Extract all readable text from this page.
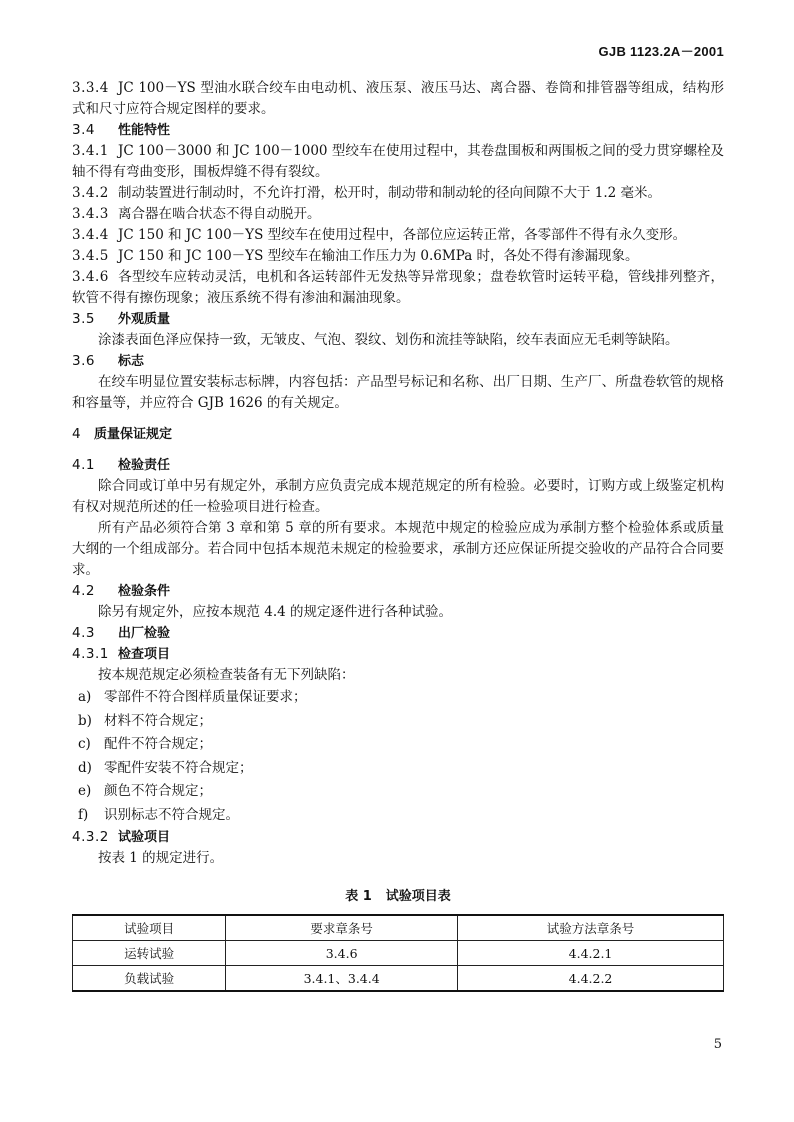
GJB 1123.2A－2001

3.3.4 JC 100－YS 型油水联合绞车由电动机、液压泵、液压马达、离合器、卷筒和排管器等组成，结构形式和尺寸应符合规定图样的要求。

3.4 性能特性

3.4.1 JC 100－3000 和 JC 100－1000 型绞车在使用过程中，其卷盘围板和两围板之间的受力贯穿螺栓及轴不得有弯曲变形，围板焊缝不得有裂纹。

3.4.2 制动装置进行制动时，不允许打滑，松开时，制动带和制动轮的径向间隙不大于 1.2 毫米。

3.4.3 离合器在啮合状态不得自动脱开。

3.4.4 JC 150 和 JC 100－YS 型绞车在使用过程中，各部位应运转正常，各零部件不得有永久变形。

3.4.5 JC 150 和 JC 100－YS 型绞车在输油工作压力为 0.6MPa 时，各处不得有渗漏现象。

3.4.6 各型绞车应转动灵活，电机和各运转部件无发热等异常现象；盘卷软管时运转平稳，管线排列整齐，软管不得有擦伤现象；液压系统不得有渗油和漏油现象。

3.5 外观质量

涂漆表面色泽应保持一致，无皱皮、气泡、裂纹、划伤和流挂等缺陷，绞车表面应无毛刺等缺陷。

3.6 标志

在绞车明显位置安装标志标牌，内容包括：产品型号标记和名称、出厂日期、生产厂、所盘卷软管的规格和容量等，并应符合 GJB 1626 的有关规定。

4 质量保证规定

4.1 检验责任

除合同或订单中另有规定外，承制方应负责完成本规范规定的所有检验。必要时，订购方或上级鉴定机构有权对规范所述的任一检验项目进行检查。

所有产品必须符合第 3 章和第 5 章的所有要求。本规范中规定的检验应成为承制方整个检验体系或质量大纲的一个组成部分。若合同中包括本规范未规定的检验要求，承制方还应保证所提交验收的产品符合合同要求。

4.2 检验条件

除另有规定外，应按本规范 4.4 的规定逐件进行各种试验。

4.3 出厂检验

4.3.1 检查项目

按本规范规定必须检查装备有无下列缺陷：

a) 零部件不符合图样质量保证要求；
b) 材料不符合规定；
c) 配件不符合规定；
d) 零配件安装不符合规定；
e) 颜色不符合规定；
f) 识别标志不符合规定。

4.3.2 试验项目

按表 1 的规定进行。

表 1 试验项目表
试验项目	要求章条号	试验方法章条号
运转试验	3.4.6	4.4.2.1
负载试验	3.4.1、3.4.4	4.4.2.2
5
